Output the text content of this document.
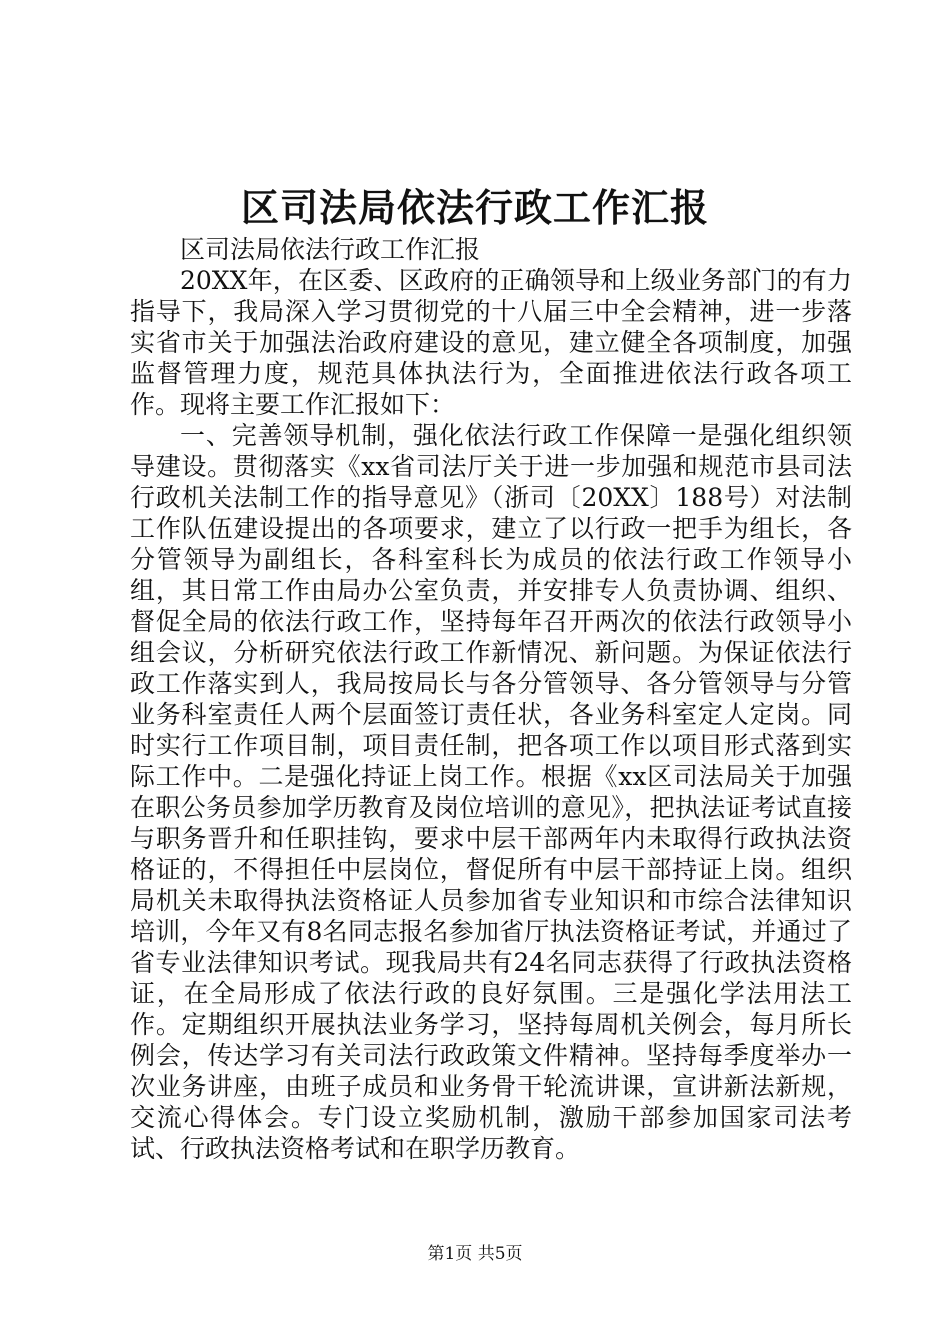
区司法局依法行政工作汇报

区司法局依法行政工作汇报

20XX年，在区委、区政府的正确领导和上级业务部门的有力指导下，我局深入学习贯彻党的十八届三中全会精神，进一步落实省市关于加强法治政府建设的意见，建立健全各项制度，加强监督管理力度，规范具体执法行为，全面推进依法行政各项工作。现将主要工作汇报如下：

一、完善领导机制，强化依法行政工作保障一是强化组织领导建设。贯彻落实《xx省司法厅关于进一步加强和规范市县司法行政机关法制工作的指导意见》（浙司〔20XX〕188号）对法制工作队伍建设提出的各项要求，建立了以行政一把手为组长，各分管领导为副组长，各科室科长为成员的依法行政工作领导小组，其日常工作由局办公室负责，并安排专人负责协调、组织、督促全局的依法行政工作，坚持每年召开两次的依法行政领导小组会议，分析研究依法行政工作新情况、新问题。为保证依法行政工作落实到人，我局按局长与各分管领导、各分管领导与分管业务科室责任人两个层面签订责任状，各业务科室定人定岗。同时实行工作项目制，项目责任制，把各项工作以项目形式落到实际工作中。二是强化持证上岗工作。根据《xx区司法局关于加强在职公务员参加学历教育及岗位培训的意见》，把执法证考试直接与职务晋升和任职挂钩，要求中层干部两年内未取得行政执法资格证的，不得担任中层岗位，督促所有中层干部持证上岗。组织局机关未取得执法资格证人员参加省专业知识和市综合法律知识培训，今年又有8名同志报名参加省厅执法资格证考试，并通过了省专业法律知识考试。现我局共有24名同志获得了行政执法资格证，在全局形成了依法行政的良好氛围。三是强化学法用法工作。定期组织开展执法业务学习，坚持每周机关例会，每月所长例会，传达学习有关司法行政政策文件精神。坚持每季度举办一次业务讲座，由班子成员和业务骨干轮流讲课，宣讲新法新规，交流心得体会。专门设立奖励机制，激励干部参加国家司法考试、行政执法资格考试和在职学历教育。

第1页 共5页
